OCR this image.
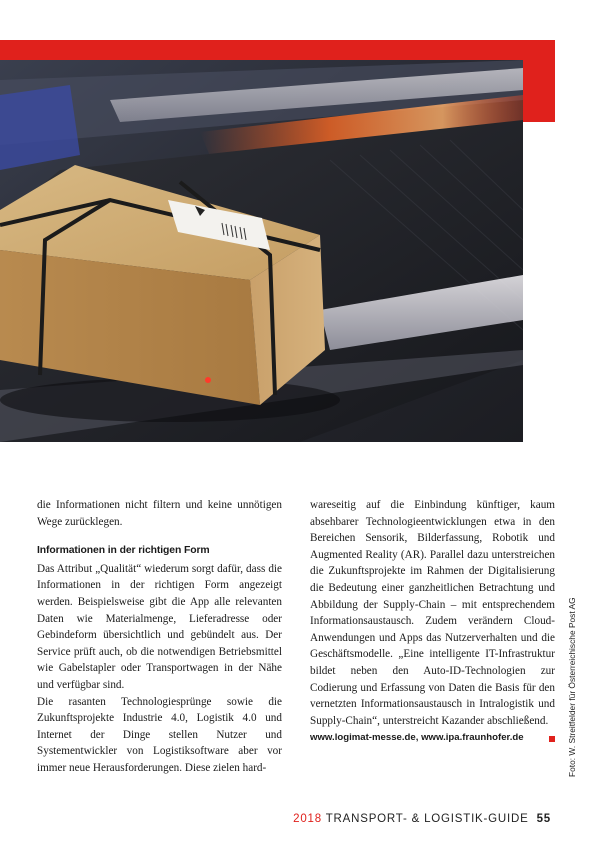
die Informationen nicht filtern und keine unnötigen Wege zurücklegen.

Informationen in der richtigen Form

Das Attribut „Qualität“ wiederum sorgt dafür, dass die Informationen in der richtigen Form angezeigt werden. Beispielsweise gibt die App alle relevanten Daten wie Materialmenge, Lieferadresse oder Gebindeform übersichtlich und gebündelt aus. Der Service prüft auch, ob die notwendigen Betriebsmittel wie Gabelstapler oder Transportwagen in der Nähe und verfügbar sind.

Die rasanten Technologiesprünge sowie die Zukunftsprojekte Industrie 4.0, Logistik 4.0 und Internet der Dinge stellen Nutzer und Systementwickler von Logistiksoftware aber vor immer neue Herausforderungen. Diese zielen hard-

wareseitig auf die Einbindung künftiger, kaum absehbarer Technologieentwicklungen etwa in den Bereichen Sensorik, Bilderfassung, Robotik und Augmented Reality (AR). Parallel dazu unterstreichen die Zukunftsprojekte im Rahmen der Digitalisierung die Bedeutung einer ganzheitlichen Betrachtung und Abbildung der Supply-Chain – mit entsprechendem Informationsaustausch. Zudem verändern Cloud-Anwendungen und Apps das Nutzerverhalten und die Geschäftsmodelle. „Eine intelligente IT-Infrastruktur bildet neben den Auto-ID-Technologien zur Codierung und Erfassung von Daten die Basis für den vernetzten Informationsaustausch in Intralogistik und Supply-Chain“, unterstreicht Kazander abschließend.

www.logimat-messe.de, www.ipa.fraunhofer.de	Foto: W. Streitfelder für Österreichische Post AG
2018 TRANSPORT- & LOGISTIK-GUIDE 55
